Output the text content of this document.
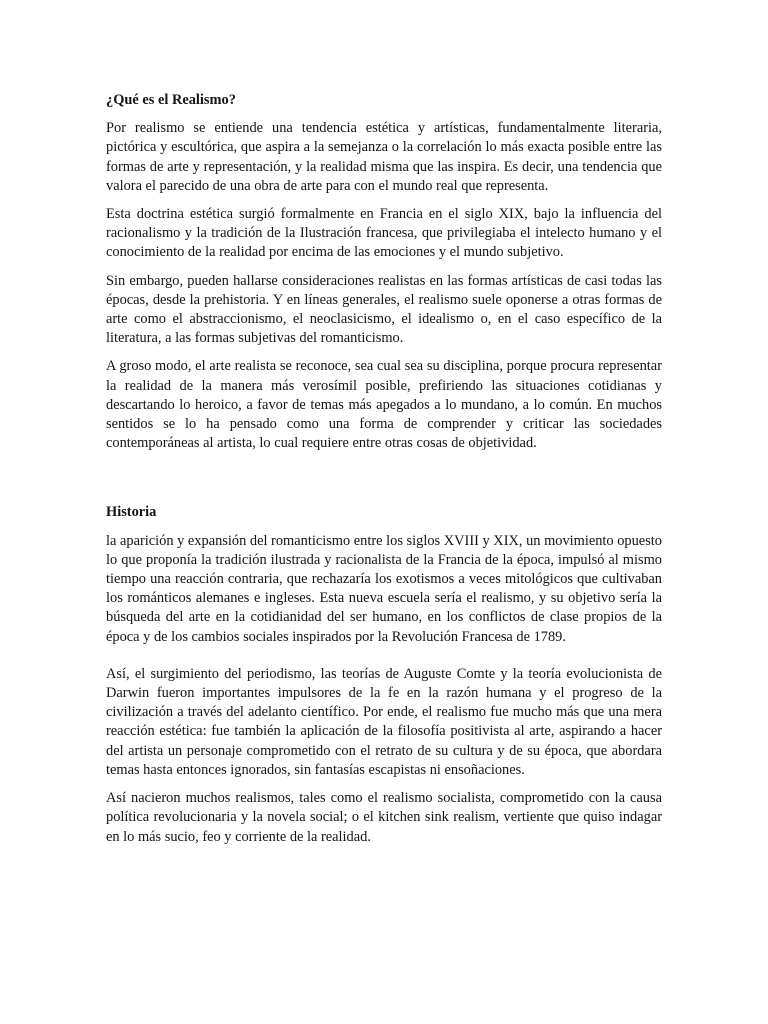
¿Qué es el Realismo?

Por realismo se entiende una tendencia estética y artísticas, fundamentalmente literaria, pictórica y escultórica, que aspira a la semejanza o la correlación lo más exacta posible entre las formas de arte y representación, y la realidad misma que las inspira. Es decir, una tendencia que valora el parecido de una obra de arte para con el mundo real que representa.

Esta doctrina estética surgió formalmente en Francia en el siglo XIX, bajo la influencia del racionalismo y la tradición de la Ilustración francesa, que privilegiaba el intelecto humano y el conocimiento de la realidad por encima de las emociones y el mundo subjetivo.

Sin embargo, pueden hallarse consideraciones realistas en las formas artísticas de casi todas las épocas, desde la prehistoria. Y en líneas generales, el realismo suele oponerse a otras formas de arte como el abstraccionismo, el neoclasicismo, el idealismo o, en el caso específico de la literatura, a las formas subjetivas del romanticismo.

A groso modo, el arte realista se reconoce, sea cual sea su disciplina, porque procura representar la realidad de la manera más verosímil posible, prefiriendo las situaciones cotidianas y descartando lo heroico, a favor de temas más apegados a lo mundano, a lo común. En muchos sentidos se lo ha pensado como una forma de comprender y criticar las sociedades contemporáneas al artista, lo cual requiere entre otras cosas de objetividad.

Historia

la aparición y expansión del romanticismo entre los siglos XVIII y XIX, un movimiento opuesto lo que proponía la tradición ilustrada y racionalista de la Francia de la época, impulsó al mismo tiempo una reacción contraria, que rechazaría los exotismos a veces mitológicos que cultivaban los románticos alemanes e ingleses. Esta nueva escuela sería el realismo, y su objetivo sería la búsqueda del arte en la cotidianidad del ser humano, en los conflictos de clase propios de la época y de los cambios sociales inspirados por la Revolución Francesa de 1789.

Así, el surgimiento del periodismo, las teorías de Auguste Comte y la teoría evolucionista de Darwin fueron importantes impulsores de la fe en la razón humana y el progreso de la civilización a través del adelanto científico. Por ende, el realismo fue mucho más que una mera reacción estética: fue también la aplicación de la filosofía positivista al arte, aspirando a hacer del artista un personaje comprometido con el retrato de su cultura y de su época, que abordara temas hasta entonces ignorados, sin fantasías escapistas ni ensoñaciones.

Así nacieron muchos realismos, tales como el realismo socialista, comprometido con la causa política revolucionaria y la novela social; o el kitchen sink realism, vertiente que quiso indagar en lo más sucio, feo y corriente de la realidad.
